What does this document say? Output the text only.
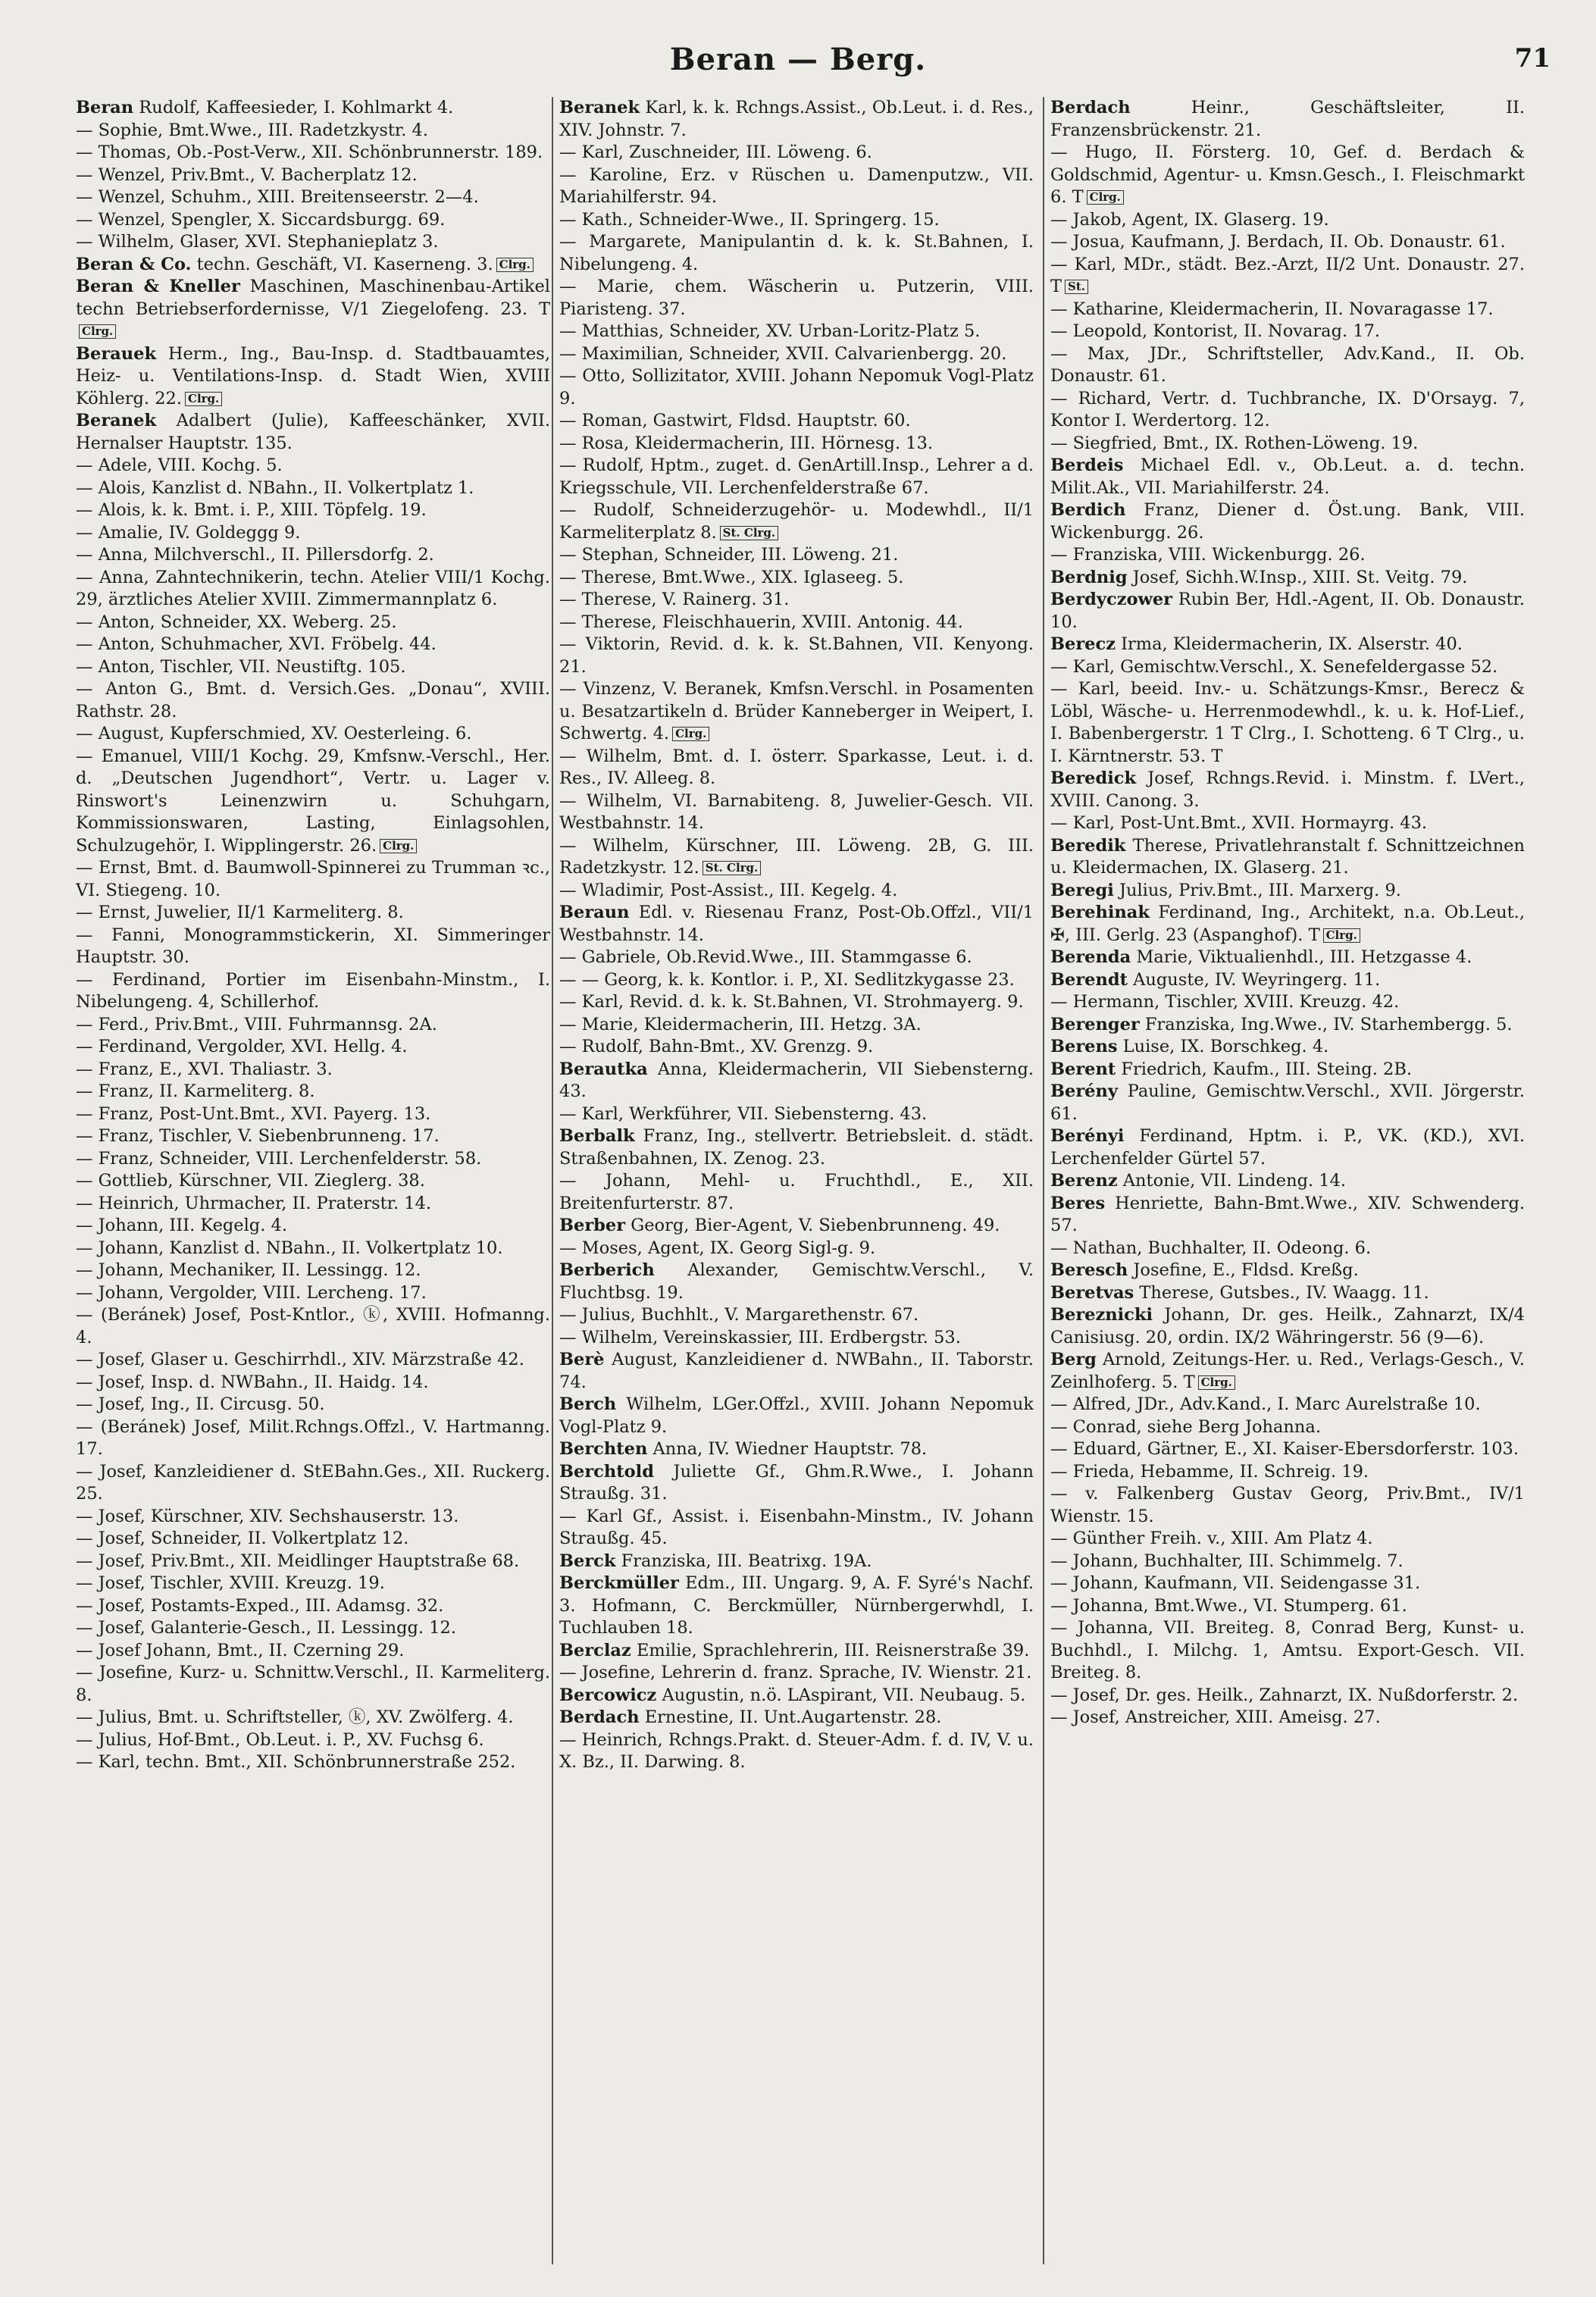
Beran — Berg.	71

Beran Rudolf, Kaffeesieder, I. Kohlmarkt 4.

— Sophie, Bmt.Wwe., III. Radetzkystr. 4.

— Thomas, Ob.-Post-Verw., XII. Schönbrunnerstr. 189.

— Wenzel, Priv.Bmt., V. Bacherplatz 12.

— Wenzel, Schuhm., XIII. Breitenseerstr. 2—4.

— Wenzel, Spengler, X. Siccardsburgg. 69.

— Wilhelm, Glaser, XVI. Stephanieplatz 3.

Beran & Co. techn. Geschäft, VI. Kaserneng. 3. Clrg.

Beran & Kneller Maschinen, Maschinenbau-Artikel techn Betriebserfordernisse, V/1 Ziegelofeng. 23. TClrg.

Berauek Herm., Ing., Bau-Insp. d. Stadtbauamtes, Heiz- u. Ventilations-Insp. d. Stadt Wien, XVIII Köhlerg. 22. Clrg.

Beranek Adalbert (Julie), Kaffeeschänker, XVII. Hernalser Hauptstr. 135.

— Adele, VIII. Kochg. 5.

— Alois, Kanzlist d. NBahn., II. Volkertplatz 1.

— Alois, k. k. Bmt. i. P., XIII. Töpfelg. 19.

— Amalie, IV. Goldeggg 9.

— Anna, Milchverschl., II. Pillersdorfg. 2.

— Anna, Zahntechnikerin, techn. Atelier VIII/1 Kochg. 29, ärztliches Atelier XVIII. Zimmermannplatz 6.

— Anton, Schneider, XX. Weberg. 25.

— Anton, Schuhmacher, XVI. Fröbelg. 44.

— Anton, Tischler, VII. Neustiftg. 105.

— Anton G., Bmt. d. Versich.Ges. „Donau“, XVIII. Rathstr. 28.

— August, Kupferschmied, XV. Oesterleing. 6.

— Emanuel, VIII/1 Kochg. 29, Kmfsnw.-Verschl., Her. d. „Deutschen Jugendhort“, Vertr. u. Lager v. Rinswort's Leinenzwirn u. Schuhgarn, Kommissionswaren, Lasting, Einlagsohlen, Schulzugehör, I. Wipplingerstr. 26. Clrg.

— Ernst, Bmt. d. Baumwoll-Spinnerei zu Trumman ꝛc., VI. Stiegeng. 10.

— Ernst, Juwelier, II/1 Karmeliterg. 8.

— Fanni, Monogrammstickerin, XI. Simmeringer Hauptstr. 30.

— Ferdinand, Portier im Eisenbahn-Minstm., I. Nibelungeng. 4, Schillerhof.

— Ferd., Priv.Bmt., VIII. Fuhrmannsg. 2A.

— Ferdinand, Vergolder, XVI. Hellg. 4.

— Franz, E., XVI. Thaliastr. 3.

— Franz, II. Karmeliterg. 8.

— Franz, Post-Unt.Bmt., XVI. Payerg. 13.

— Franz, Tischler, V. Siebenbrunneng. 17.

— Franz, Schneider, VIII. Lerchenfelderstr. 58.

— Gottlieb, Kürschner, VII. Zieglerg. 38.

— Heinrich, Uhrmacher, II. Praterstr. 14.

— Johann, III. Kegelg. 4.

— Johann, Kanzlist d. NBahn., II. Volkertplatz 10.

— Johann, Mechaniker, II. Lessingg. 12.

— Johann, Vergolder, VIII. Lercheng. 17.

— (Beránek) Josef, Post-Kntlor., ⓚ, XVIII. Hofmanng. 4.

— Josef, Glaser u. Geschirrhdl., XIV. Märzstraße 42.

— Josef, Insp. d. NWBahn., II. Haidg. 14.

— Josef, Ing., II. Circusg. 50.

— (Beránek) Josef, Milit.Rchngs.Offzl., V. Hartmanng. 17.

— Josef, Kanzleidiener d. StEBahn.Ges., XII. Ruckerg. 25.

— Josef, Kürschner, XIV. Sechshauserstr. 13.

— Josef, Schneider, II. Volkertplatz 12.

— Josef, Priv.Bmt., XII. Meidlinger Hauptstraße 68.

— Josef, Tischler, XVIII. Kreuzg. 19.

— Josef, Postamts-Exped., III. Adamsg. 32.

— Josef, Galanterie-Gesch., II. Lessingg. 12.

— Josef Johann, Bmt., II. Czerning 29.

— Josefine, Kurz- u. Schnittw.Verschl., II. Karmeliterg. 8.

— Julius, Bmt. u. Schriftsteller, ⓚ, XV. Zwölferg. 4.

— Julius, Hof-Bmt., Ob.Leut. i. P., XV. Fuchsg 6.

— Karl, techn. Bmt., XII. Schönbrunnerstraße 252.

Beranek Karl, k. k. Rchngs.Assist., Ob.Leut. i. d. Res., XIV. Johnstr. 7.

— Karl, Zuschneider, III. Löweng. 6.

— Karoline, Erz. v Rüschen u. Damenputzw., VII. Mariahilferstr. 94.

— Kath., Schneider-Wwe., II. Springerg. 15.

— Margarete, Manipulantin d. k. k. St.Bahnen, I. Nibelungeng. 4.

— Marie, chem. Wäscherin u. Putzerin, VIII. Piaristeng. 37.

— Matthias, Schneider, XV. Urban-Loritz-Platz 5.

— Maximilian, Schneider, XVII. Calvarienbergg. 20.

— Otto, Sollizitator, XVIII. Johann Nepomuk Vogl-Platz 9.

— Roman, Gastwirt, Fldsd. Hauptstr. 60.

— Rosa, Kleidermacherin, III. Hörnesg. 13.

— Rudolf, Hptm., zuget. d. GenArtill.Insp., Lehrer a d. Kriegsschule, VII. Lerchenfelderstraße 67.

— Rudolf, Schneiderzugehör- u. Modewhdl., II/1 Karmeliterplatz 8. St. Clrg.

— Stephan, Schneider, III. Löweng. 21.

— Therese, Bmt.Wwe., XIX. Iglaseeg. 5.

— Therese, V. Rainerg. 31.

— Therese, Fleischhauerin, XVIII. Antonig. 44.

— Viktorin, Revid. d. k. k. St.Bahnen, VII. Kenyong. 21.

— Vinzenz, V. Beranek, Kmfsn.Verschl. in Posamenten u. Besatzartikeln d. Brüder Kanneberger in Weipert, I. Schwertg. 4. Clrg.

— Wilhelm, Bmt. d. I. österr. Sparkasse, Leut. i. d. Res., IV. Alleeg. 8.

— Wilhelm, VI. Barnabiteng. 8, Juwelier-Gesch. VII. Westbahnstr. 14.

— Wilhelm, Kürschner, III. Löweng. 2B, G. III. Radetzkystr. 12. St. Clrg.

— Wladimir, Post-Assist., III. Kegelg. 4.

Beraun Edl. v. Riesenau Franz, Post-Ob.Offzl., VII/1 Westbahnstr. 14.

— Gabriele, Ob.Revid.Wwe., III. Stammgasse 6.

— — Georg, k. k. Kontlor. i. P., XI. Sedlitzkygasse 23.

— Karl, Revid. d. k. k. St.Bahnen, VI. Strohmayerg. 9.

— Marie, Kleidermacherin, III. Hetzg. 3A.

— Rudolf, Bahn-Bmt., XV. Grenzg. 9.

Berautka Anna, Kleidermacherin, VII Siebensterng. 43.

— Karl, Werkführer, VII. Siebensterng. 43.

Berbalk Franz, Ing., stellvertr. Betriebsleit. d. städt. Straßenbahnen, IX. Zenog. 23.

— Johann, Mehl- u. Fruchthdl., E., XII. Breitenfurterstr. 87.

Berber Georg, Bier-Agent, V. Siebenbrunneng. 49.

— Moses, Agent, IX. Georg Sigl-g. 9.

Berberich Alexander, Gemischtw.Verschl., V. Fluchtbsg. 19.

— Julius, Buchhlt., V. Margarethenstr. 67.

— Wilhelm, Vereinskassier, III. Erdbergstr. 53.

Berè August, Kanzleidiener d. NWBahn., II. Taborstr. 74.

Berch Wilhelm, LGer.Offzl., XVIII. Johann Nepomuk Vogl-Platz 9.

Berchten Anna, IV. Wiedner Hauptstr. 78.

Berchtold Juliette Gf., Ghm.R.Wwe., I. Johann Straußg. 31.

— Karl Gf., Assist. i. Eisenbahn-Minstm., IV. Johann Straußg. 45.

Berck Franziska, III. Beatrixg. 19A.

Berckmüller Edm., III. Ungarg. 9, A. F. Syré's Nachf. 3. Hofmann, C. Berckmüller, Nürnbergerwhdl, I. Tuchlauben 18.

Berclaz Emilie, Sprachlehrerin, III. Reisnerstraße 39.

— Josefine, Lehrerin d. franz. Sprache, IV. Wienstr. 21.

Bercowicz Augustin, n.ö. LAspirant, VII. Neubaug. 5.

Berdach Ernestine, II. Unt.Augartenstr. 28.

— Heinrich, Rchngs.Prakt. d. Steuer-Adm. f. d. IV, V. u. X. Bz., II. Darwing. 8.

Berdach Heinr., Geschäftsleiter, II. Franzensbrückenstr. 21.

— Hugo, II. Försterg. 10, Gef. d. Berdach & Goldschmid, Agentur- u. Kmsn.Gesch., I. Fleischmarkt 6. T Clrg.

— Jakob, Agent, IX. Glaserg. 19.

— Josua, Kaufmann, J. Berdach, II. Ob. Donaustr. 61.

— Karl, MDr., städt. Bez.-Arzt, II/2 Unt. Donaustr. 27. T St.

— Katharine, Kleidermacherin, II. Novaragasse 17.

— Leopold, Kontorist, II. Novarag. 17.

— Max, JDr., Schriftsteller, Adv.Kand., II. Ob. Donaustr. 61.

— Richard, Vertr. d. Tuchbranche, IX. D'Orsayg. 7, Kontor I. Werdertorg. 12.

— Siegfried, Bmt., IX. Rothen-Löweng. 19.

Berdeis Michael Edl. v., Ob.Leut. a. d. techn. Milit.Ak., VII. Mariahilferstr. 24.

Berdich Franz, Diener d. Öst.ung. Bank, VIII. Wickenburgg. 26.

— Franziska, VIII. Wickenburgg. 26.

Berdnig Josef, Sichh.W.Insp., XIII. St. Veitg. 79.

Berdyczower Rubin Ber, Hdl.-Agent, II. Ob. Donaustr. 10.

Berecz Irma, Kleidermacherin, IX. Alserstr. 40.

— Karl, Gemischtw.Verschl., X. Senefeldergasse 52.

— Karl, beeid. Inv.- u. Schätzungs-Kmsr., Berecz & Löbl, Wäsche- u. Herrenmodewhdl., k. u. k. Hof-Lief., I. Babenbergerstr. 1 T Clrg., I. Schotteng. 6 T Clrg., u. I. Kärntnerstr. 53. T

Beredick Josef, Rchngs.Revid. i. Minstm. f. LVert., XVIII. Canong. 3.

— Karl, Post-Unt.Bmt., XVII. Hormayrg. 43.

Beredik Therese, Privatlehranstalt f. Schnittzeichnen u. Kleidermachen, IX. Glaserg. 21.

Beregi Julius, Priv.Bmt., III. Marxerg. 9.

Berehinak Ferdinand, Ing., Architekt, n.a. Ob.Leut., ✠, III. Gerlg. 23 (Aspanghof). T Clrg.

Berenda Marie, Viktualienhdl., III. Hetzgasse 4.

Berendt Auguste, IV. Weyringerg. 11.

— Hermann, Tischler, XVIII. Kreuzg. 42.

Berenger Franziska, Ing.Wwe., IV. Starhembergg. 5.

Berens Luise, IX. Borschkeg. 4.

Berent Friedrich, Kaufm., III. Steing. 2B.

Berény Pauline, Gemischtw.Verschl., XVII. Jörgerstr. 61.

Berényi Ferdinand, Hptm. i. P., VK. (KD.), XVI. Lerchenfelder Gürtel 57.

Berenz Antonie, VII. Lindeng. 14.

Beres Henriette, Bahn-Bmt.Wwe., XIV. Schwenderg. 57.

— Nathan, Buchhalter, II. Odeong. 6.

Beresch Josefine, E., Fldsd. Kreßg.

Beretvas Therese, Gutsbes., IV. Waagg. 11.

Bereznicki Johann, Dr. ges. Heilk., Zahnarzt, IX/4 Canisiusg. 20, ordin. IX/2 Währingerstr. 56 (9—6).

Berg Arnold, Zeitungs-Her. u. Red., Verlags-Gesch., V. Zeinlhoferg. 5. T Clrg.

— Alfred, JDr., Adv.Kand., I. Marc Aurelstraße 10.

— Conrad, siehe Berg Johanna.

— Eduard, Gärtner, E., XI. Kaiser-Ebersdorferstr. 103.

— Frieda, Hebamme, II. Schreig. 19.

— v. Falkenberg Gustav Georg, Priv.Bmt., IV/1 Wienstr. 15.

— Günther Freih. v., XIII. Am Platz 4.

— Johann, Buchhalter, III. Schimmelg. 7.

— Johann, Kaufmann, VII. Seidengasse 31.

— Johanna, Bmt.Wwe., VI. Stumperg. 61.

— Johanna, VII. Breiteg. 8, Conrad Berg, Kunst- u. Buchhdl., I. Milchg. 1, Amtsu. Export-Gesch. VII. Breiteg. 8.

— Josef, Dr. ges. Heilk., Zahnarzt, IX. Nußdorferstr. 2.

— Josef, Anstreicher, XIII. Ameisg. 27.
